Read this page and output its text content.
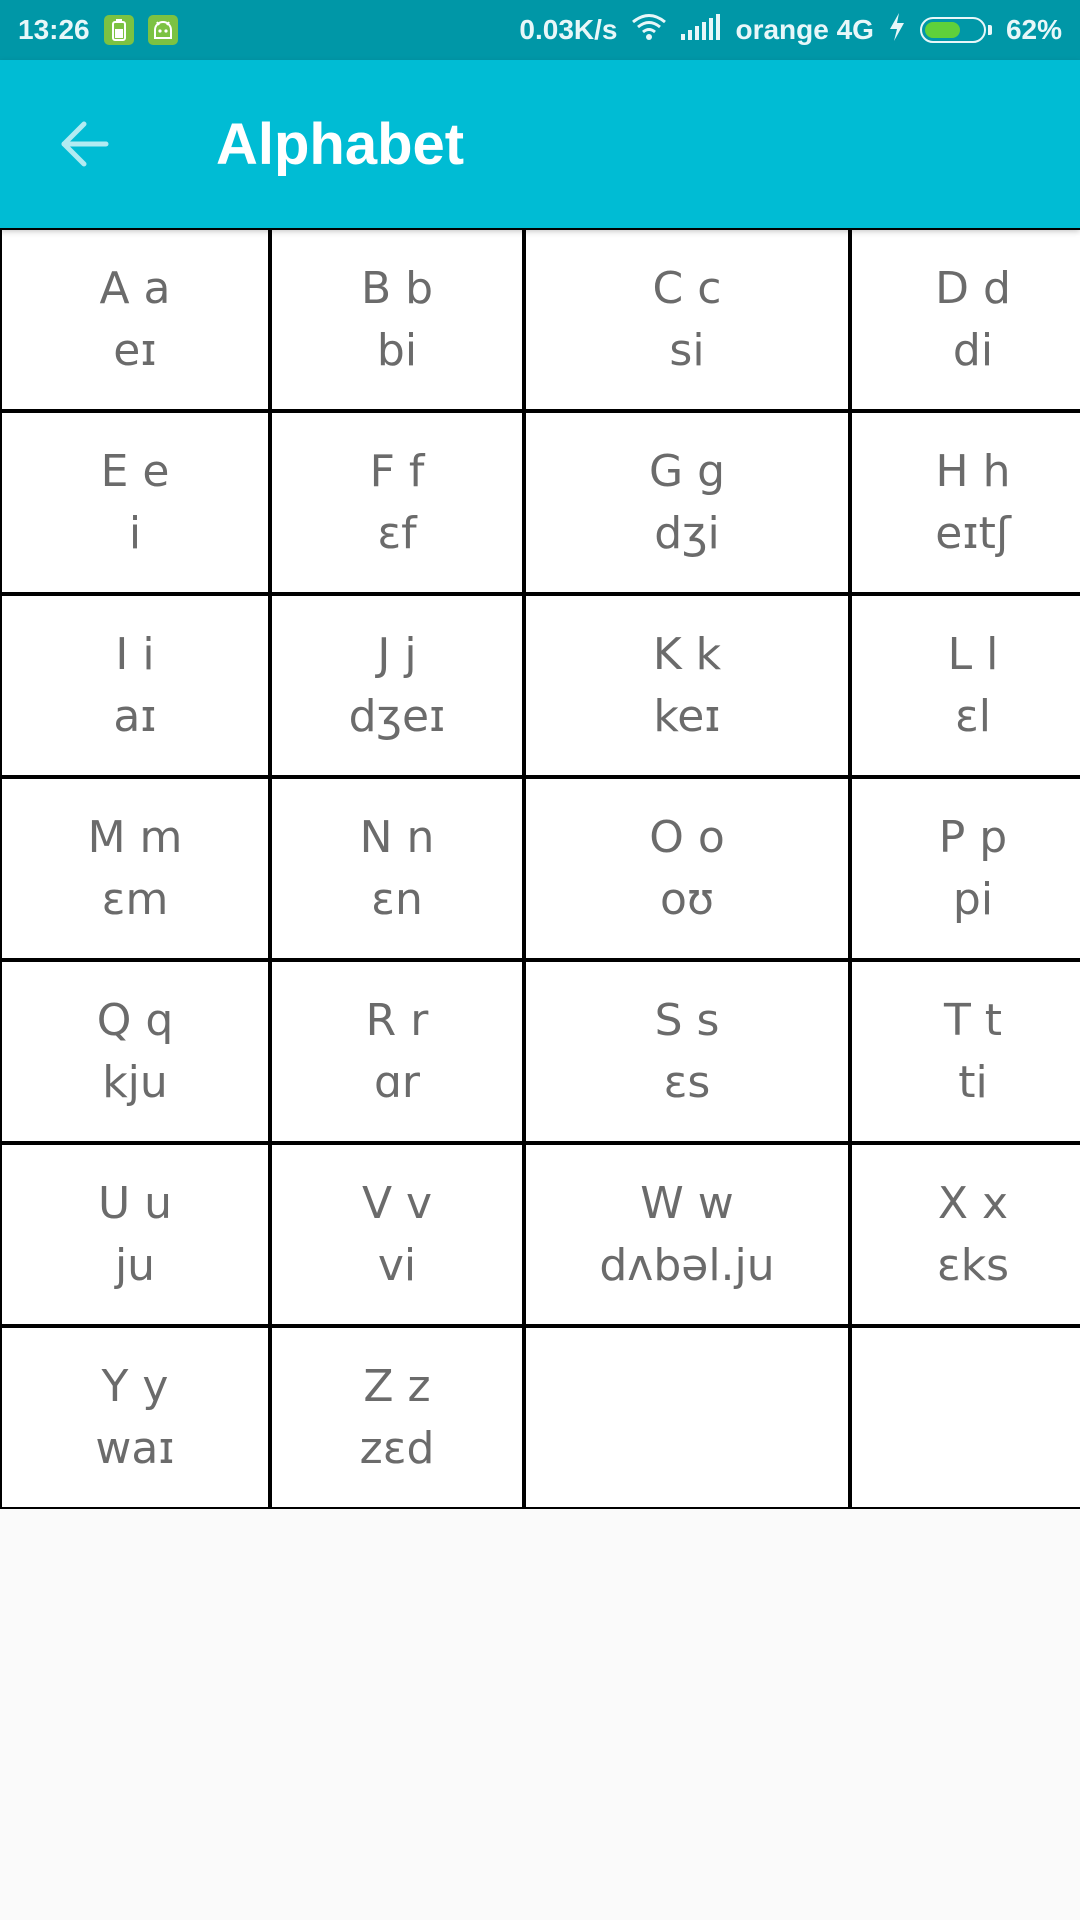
13:26	0.03K/s	orange 4G	62%
Alphabet
A a
eɪ
B b
bi
C c
si
D d
di
E e
i
F f
ɛf
G g
dʒi
H h
eɪtʃ
I i
aɪ
J j
dʒeɪ
K k
keɪ
L l
ɛl
M m
ɛm
N n
ɛn
O o
oʊ
P p
pi
Q q
kju
R r
ɑr
S s
ɛs
T t
ti
U u
ju
V v
vi
W w
dʌbəl.ju
X x
ɛks
Y y
waɪ
Z z
zɛd
